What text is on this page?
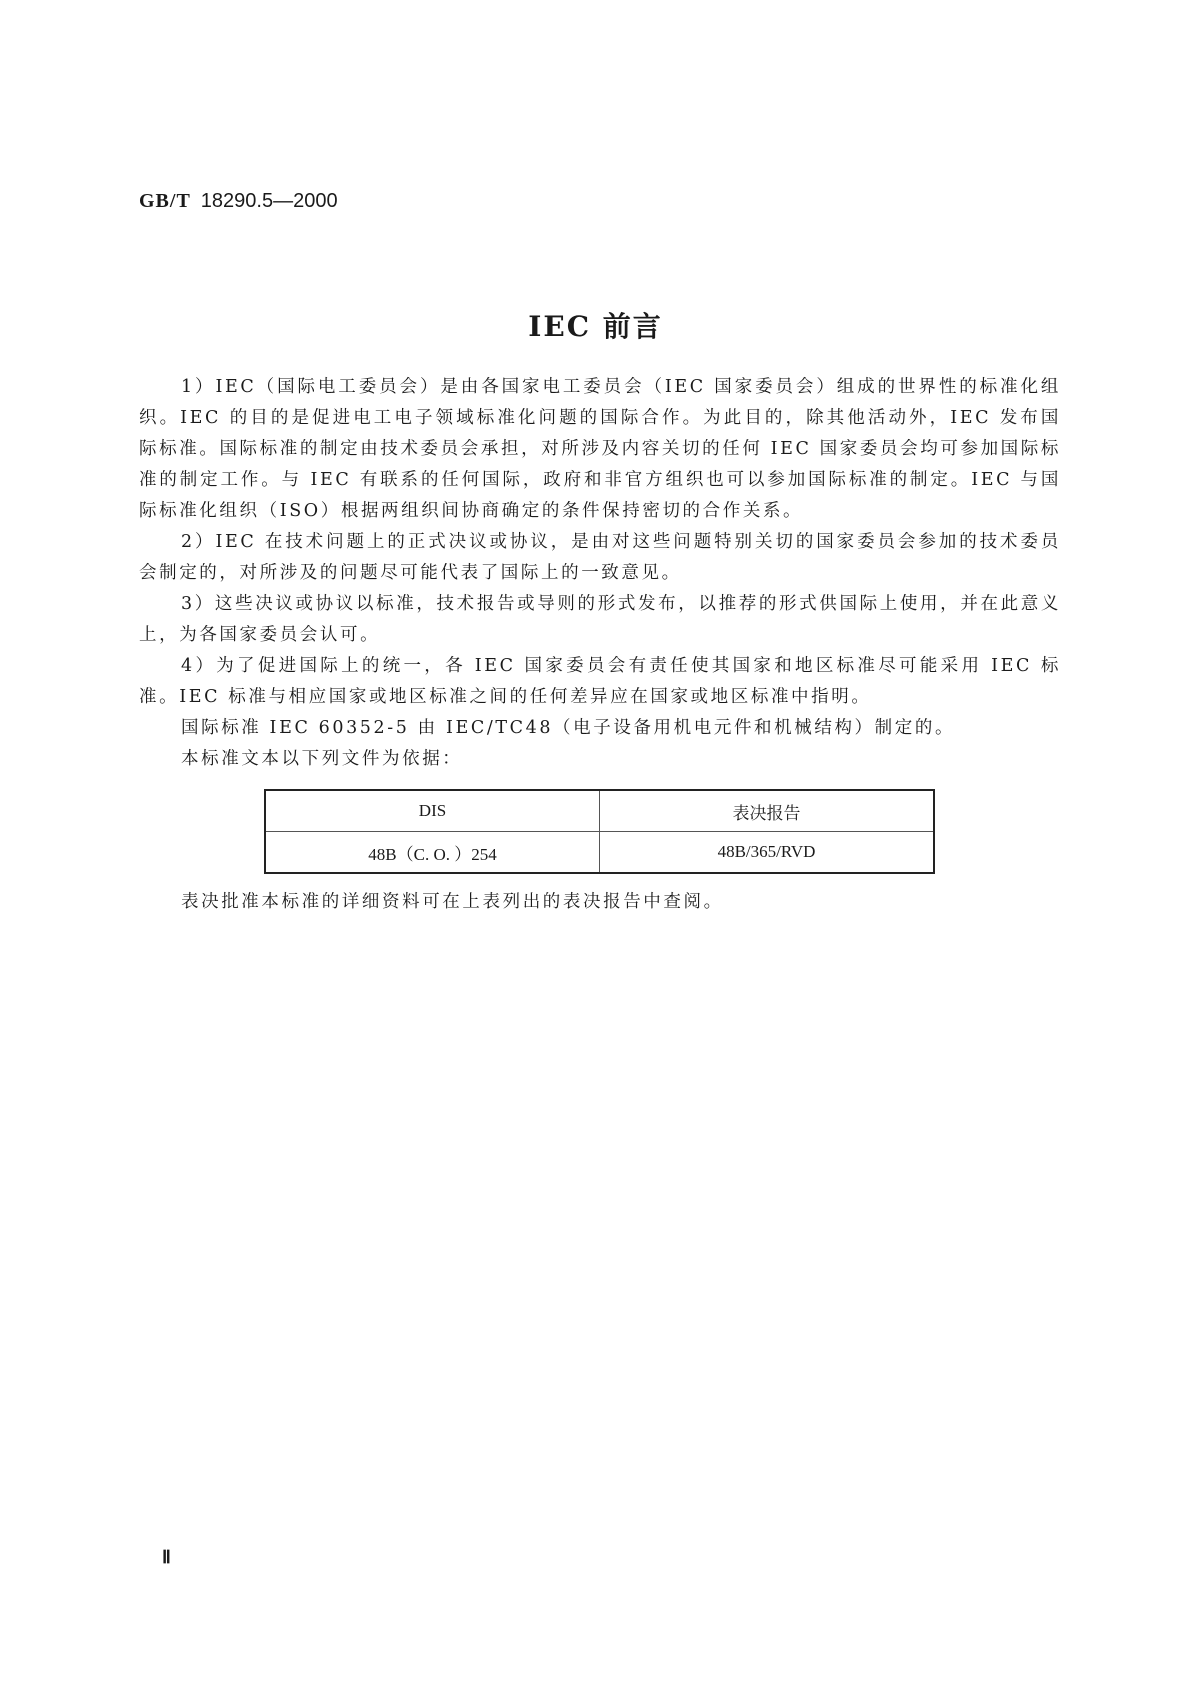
GB/T 18290.5—2000
IEC 前言

1）IEC（国际电工委员会）是由各国家电工委员会（IEC 国家委员会）组成的世界性的标准化组织。IEC 的目的是促进电工电子领域标准化问题的国际合作。为此目的，除其他活动外，IEC 发布国际标准。国际标准的制定由技术委员会承担，对所涉及内容关切的任何 IEC 国家委员会均可参加国际标准的制定工作。与 IEC 有联系的任何国际，政府和非官方组织也可以参加国际标准的制定。IEC 与国际标准化组织（ISO）根据两组织间协商确定的条件保持密切的合作关系。

2）IEC 在技术问题上的正式决议或协议，是由对这些问题特别关切的国家委员会参加的技术委员会制定的，对所涉及的问题尽可能代表了国际上的一致意见。

3）这些决议或协议以标准，技术报告或导则的形式发布，以推荐的形式供国际上使用，并在此意义上，为各国家委员会认可。

4）为了促进国际上的统一，各 IEC 国家委员会有责任使其国家和地区标准尽可能采用 IEC 标准。IEC 标准与相应国家或地区标准之间的任何差异应在国家或地区标准中指明。

国际标准 IEC 60352-5 由 IEC/TC48（电子设备用机电元件和机械结构）制定的。

本标准文本以下列文件为依据：

DIS	表决报告
48B（C. O. ）254	48B/365/RVD
表决批准本标准的详细资料可在上表列出的表决报告中查阅。
Ⅱ
